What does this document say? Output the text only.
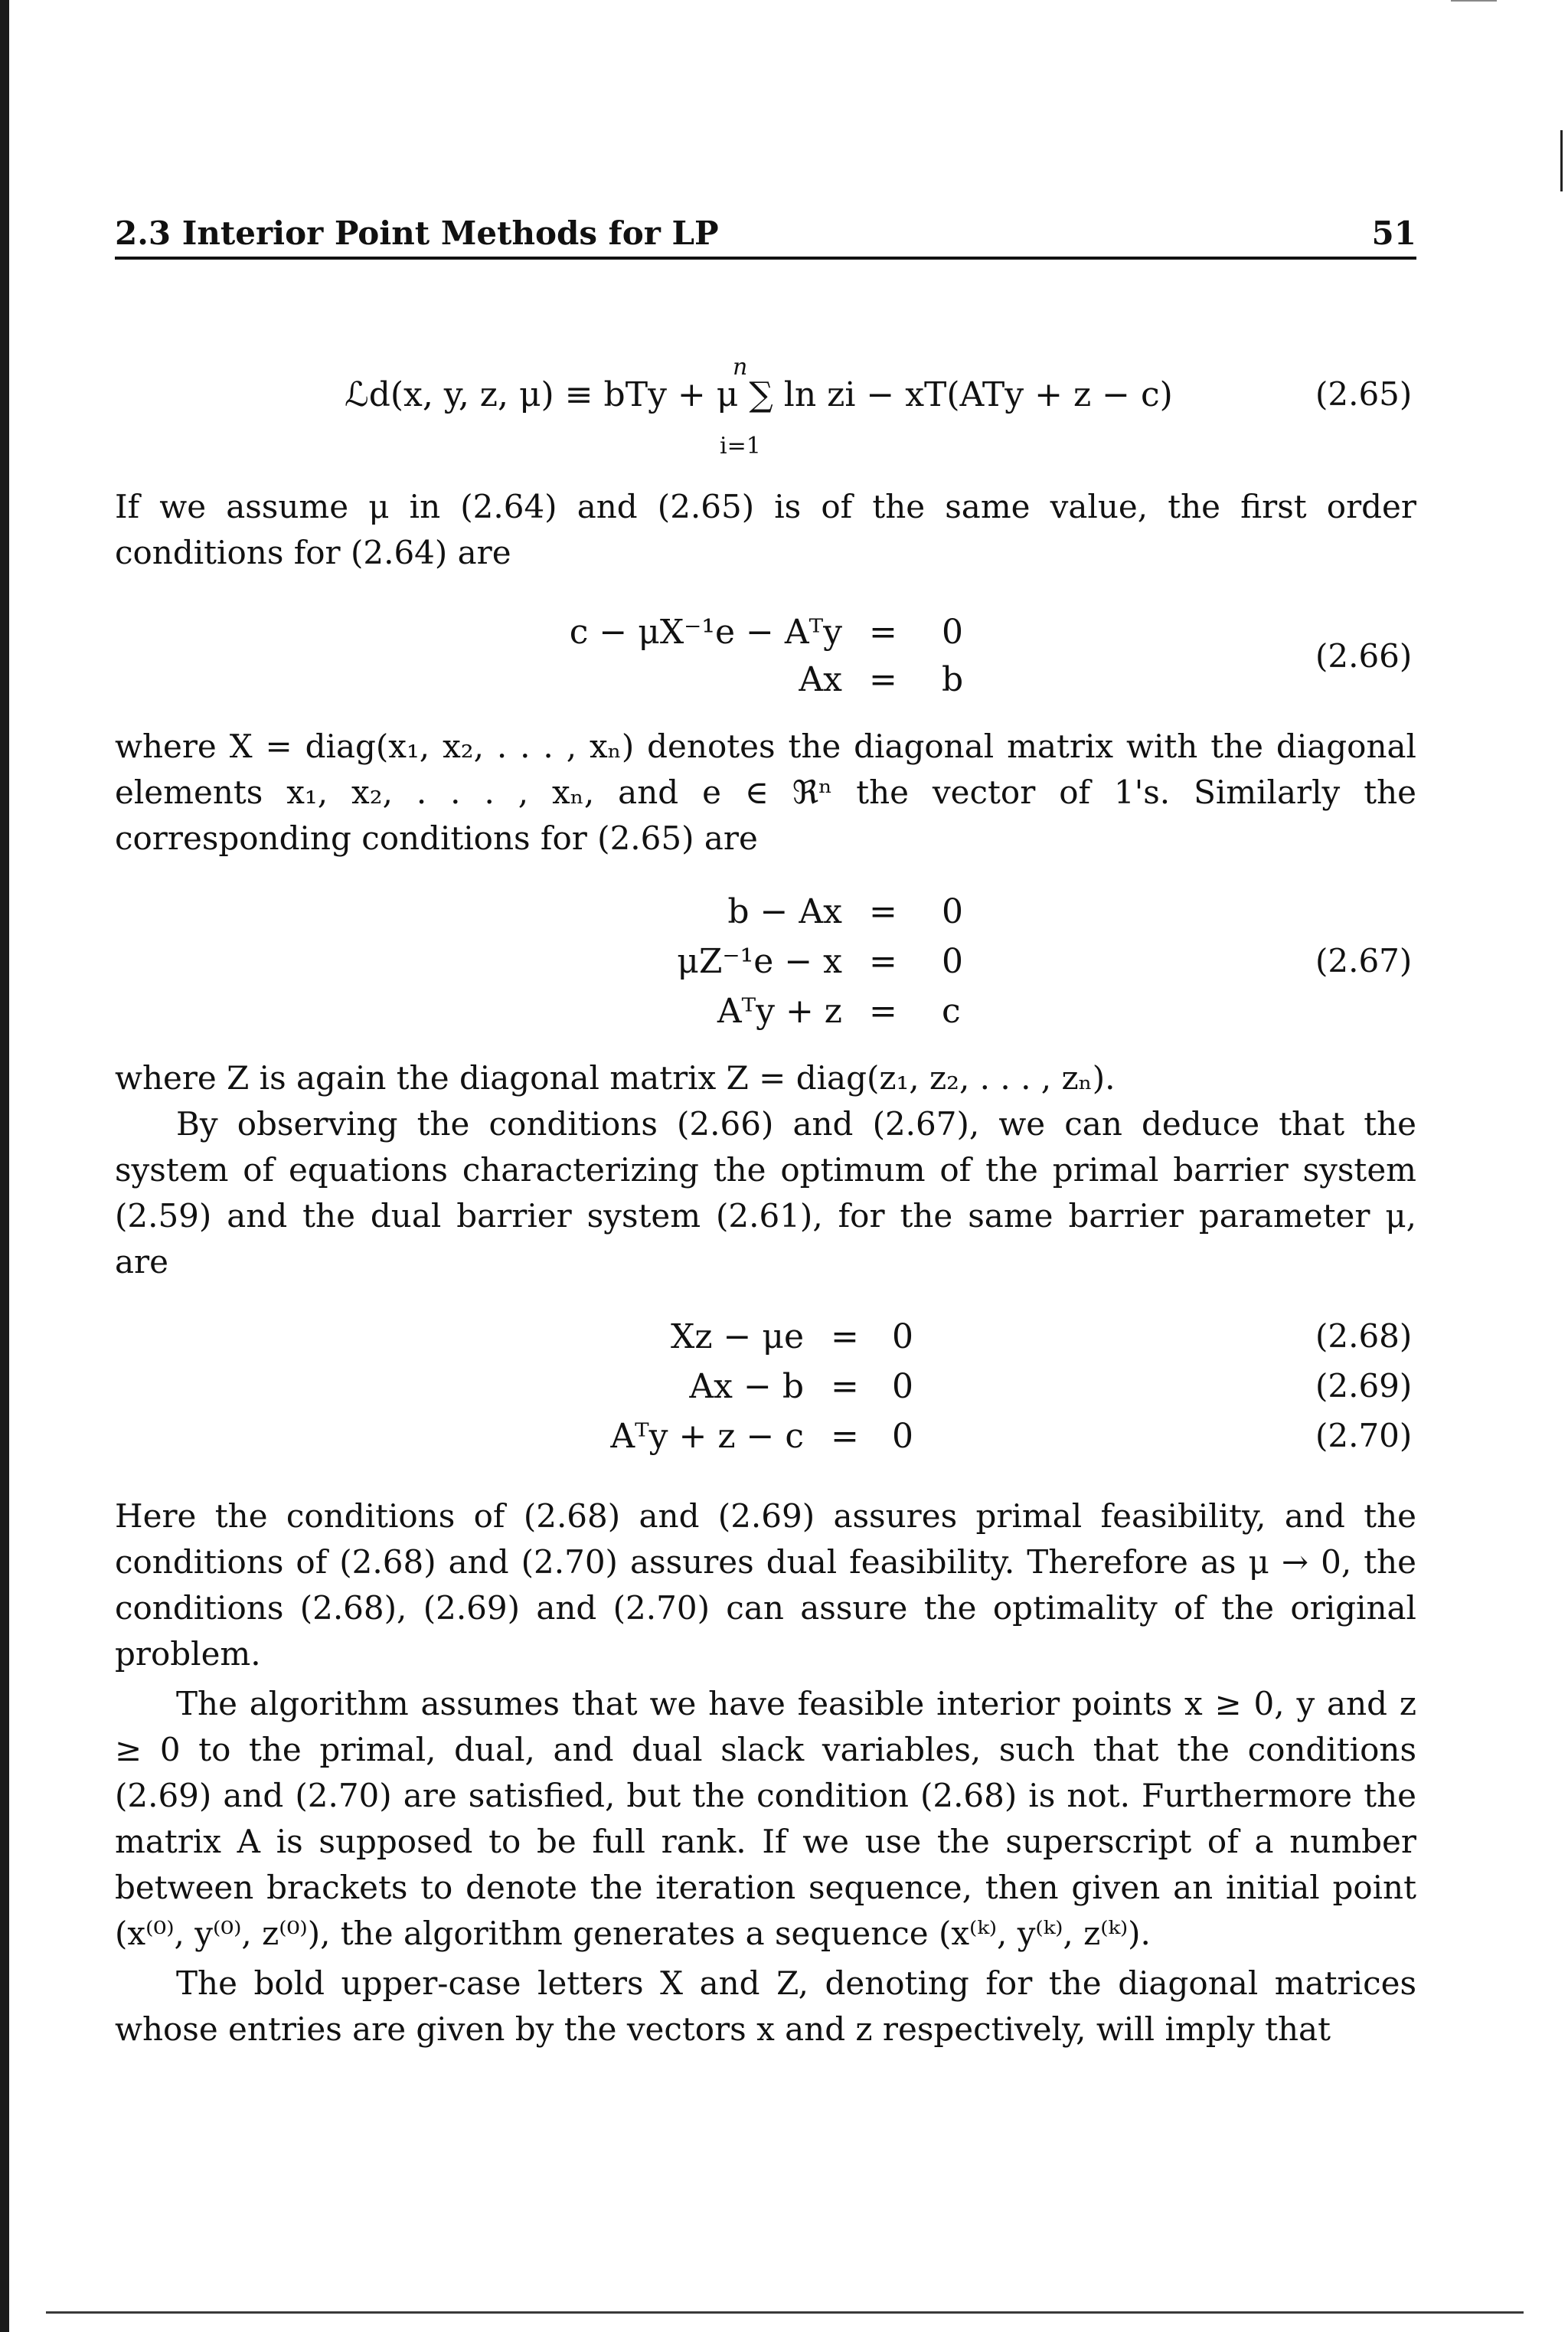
2.3 Interior Point Methods for LP	51
n
ℒd(x, y, z, μ) ≡ bTy + μ ∑ ln zi − xT(ATy + z − c)
i=1
(2.65)

If we assume μ in (2.64) and (2.65) is of the same value, the first order conditions for (2.64) are

c − μX⁻¹e − Aᵀy = 0
Ax = b
(2.66)

where X = diag(x₁, x₂, . . . , xₙ) denotes the diagonal matrix with the diagonal elements x₁, x₂, . . . , xₙ, and e ∈ ℜⁿ the vector of 1's. Similarly the corresponding conditions for (2.65) are

b − Ax = 0
μZ⁻¹e − x = 0
Aᵀy + z = c
(2.67)

where Z is again the diagonal matrix Z = diag(z₁, z₂, . . . , zₙ).

By observing the conditions (2.66) and (2.67), we can deduce that the system of equations characterizing the optimum of the primal barrier system (2.59) and the dual barrier system (2.61), for the same barrier parameter μ, are

Xz − μe = 0	(2.68)
Ax − b = 0	(2.69)
Aᵀy + z − c = 0	(2.70)

Here the conditions of (2.68) and (2.69) assures primal feasibility, and the conditions of (2.68) and (2.70) assures dual feasibility. Therefore as μ → 0, the conditions (2.68), (2.69) and (2.70) can assure the optimality of the original problem.

The algorithm assumes that we have feasible interior points x ≥ 0, y and z ≥ 0 to the primal, dual, and dual slack variables, such that the conditions (2.69) and (2.70) are satisfied, but the condition (2.68) is not. Furthermore the matrix A is supposed to be full rank. If we use the superscript of a number between brackets to denote the iteration sequence, then given an initial point (x⁽⁰⁾, y⁽⁰⁾, z⁽⁰⁾), the algorithm generates a sequence (x⁽ᵏ⁾, y⁽ᵏ⁾, z⁽ᵏ⁾).

The bold upper-case letters X and Z, denoting for the diagonal matrices whose entries are given by the vectors x and z respectively, will imply that
